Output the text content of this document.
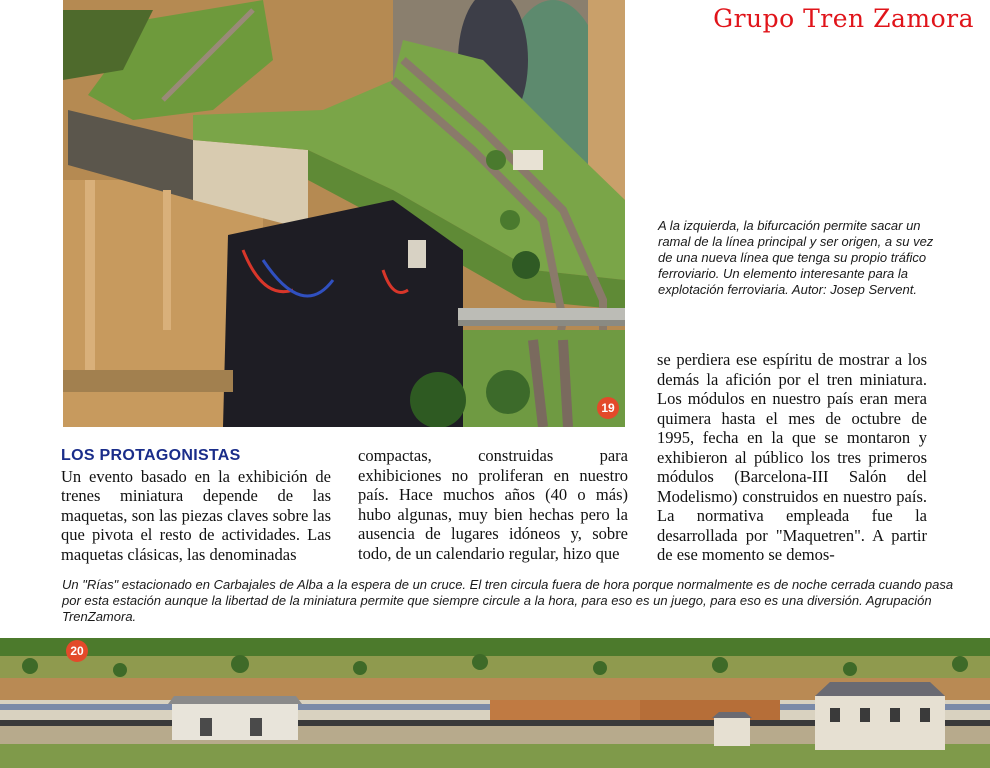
19
Grupo Tren Zamora
A la izquierda, la bifurcación permite sacar un ramal de la línea principal y ser origen, a su vez de una nueva línea que tenga su propio tráfico ferroviario. Un elemento interesante para la explotación ferroviaria. Autor: Josep Servent.
LOS PROTAGONISTAS

Un evento basado en la exhibición de trenes miniatura depende de las maquetas, son las piezas claves sobre las que pivota el resto de actividades. Las maquetas clásicas, las denominadas

compactas, construidas para exhibiciones no proliferan en nuestro país. Hace muchos años (40 o más) hubo algunas, muy bien hechas pero la ausencia de lugares idóneos y, sobre todo, de un calendario regular, hizo que

se perdiera ese espíritu de mostrar a los demás la afición por el tren miniatura. Los módulos en nuestro país eran mera quimera hasta el mes de octubre de 1995, fecha en la que se montaron y exhibieron al público los tres primeros módulos (Barcelona-III Salón del Modelismo) construidos en nuestro país. La normativa empleada fue la desarrollada por "Maquetren". A partir de ese momento se demos-

Un "Rías" estacionado en Carbajales de Alba a la espera de un cruce. El tren circula fuera de hora porque normalmente es de noche cerrada cuando pasa por esta estación aunque la libertad de la miniatura permite que siempre circule a la hora, para eso es un juego, para eso es una diversión. Agrupación TrenZamora.
20
